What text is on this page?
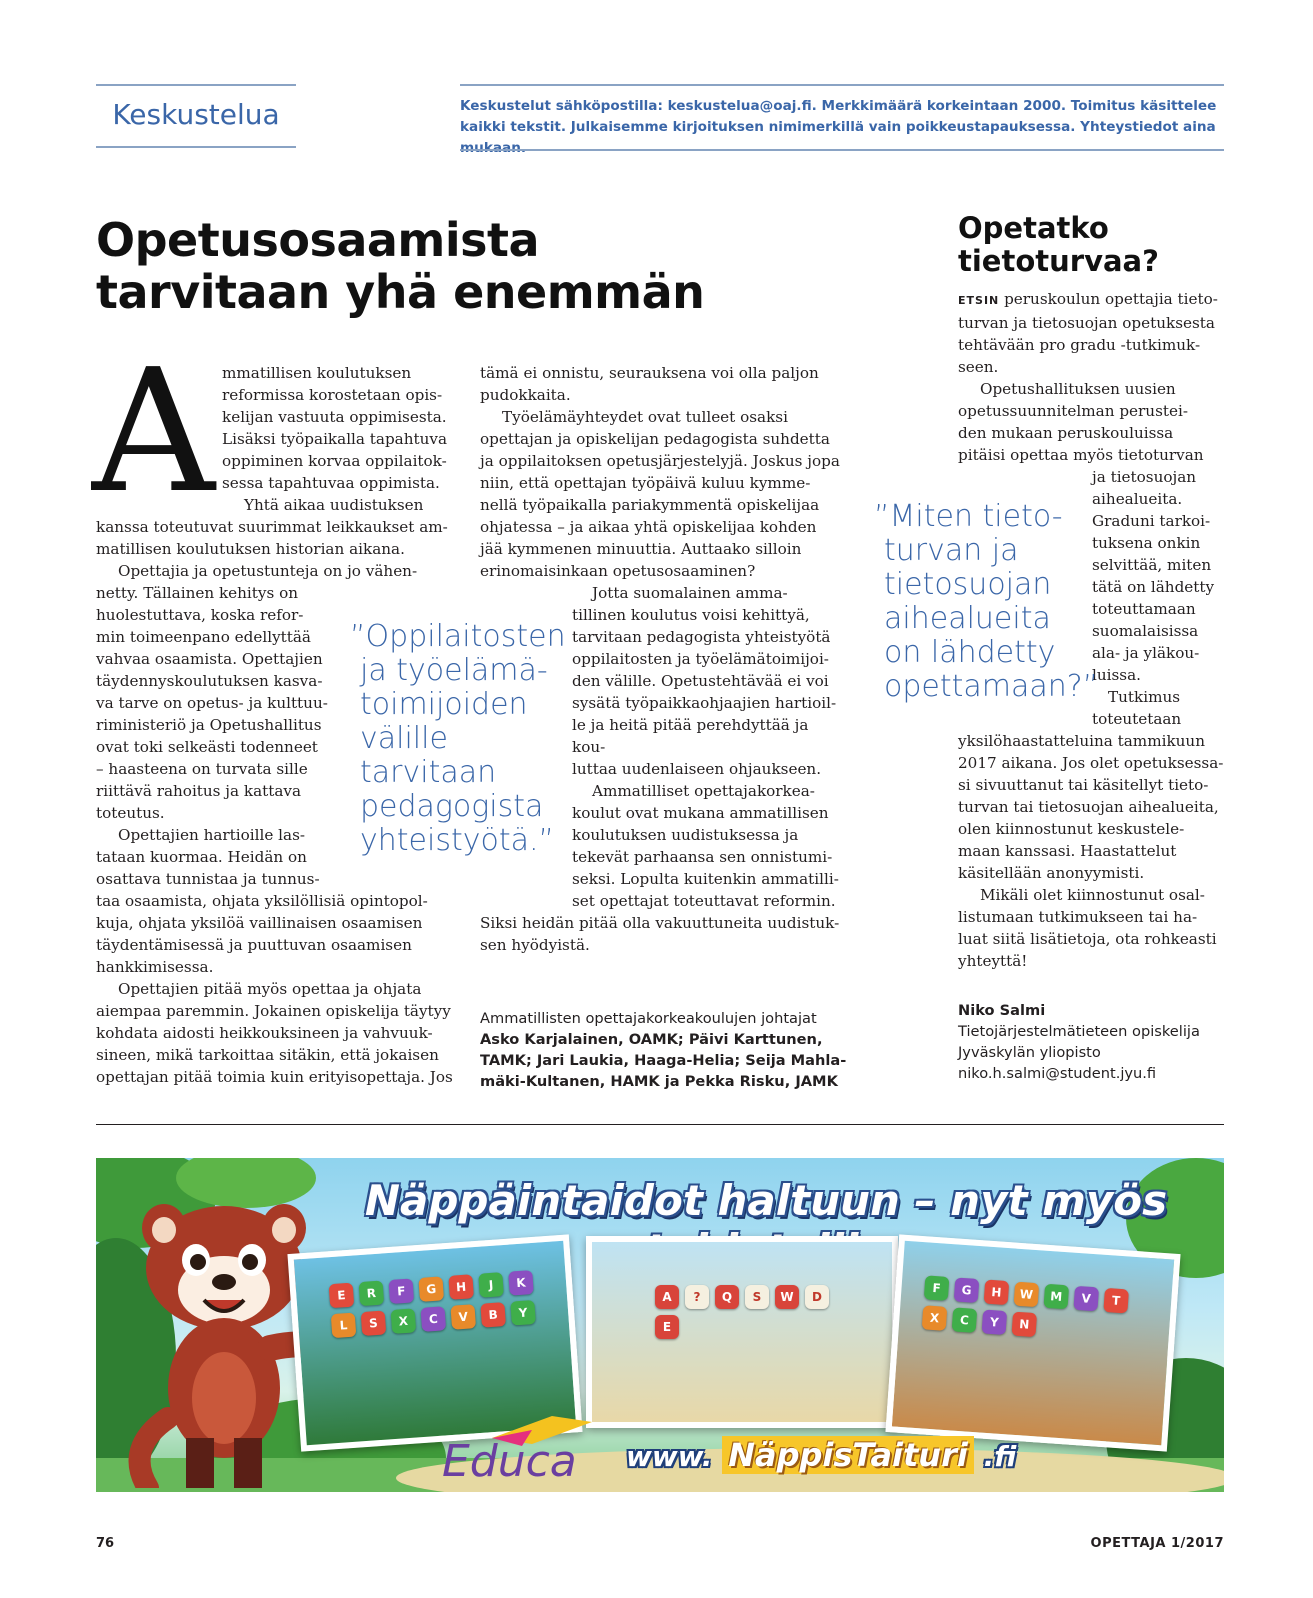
Keskustelua	Keskustelut sähköpostilla: keskustelua@oaj.fi. Merkkimäärä korkeintaan 2000. Toimitus käsittelee kaikki tekstit. Julkaisemme kirjoituksen nimimerkillä vain poikkeustapauksessa. Yhteystiedot aina mukaan.
Opetusosaamista
tarvitaan yhä enemmän
A mmatillisen koulutuksen
reformissa korostetaan opis-
kelijan vastuuta oppimisesta.
Lisäksi työpaikalla tapahtuva
oppiminen korvaa oppilaitok-
sessa tapahtuvaa oppimista.
Yhtä aikaa uudistuksen
kanssa toteutuvat suurimmat leikkaukset am-
matillisen koulutuksen historian aikana.
Opettajia ja opetustunteja on jo vähen-
netty. Tällainen kehitys on
huolestuttava, koska refor-
min toimeenpano edellyttää
vahvaa osaamista. Opettajien
täydennyskoulutuksen kasva-
va tarve on opetus- ja kulttuu-
riministeriö ja Opetushallitus
ovat toki selkeästi todenneet
– haasteena on turvata sille
riittävä rahoitus ja kattava
toteutus.
Opettajien hartioille las-
tataan kuormaa. Heidän on
osattava tunnistaa ja tunnus-
taa osaamista, ohjata yksilöllisiä opintopol-
kuja, ohjata yksilöä vaillinaisen osaamisen
täydentämisessä ja puuttuvan osaamisen
hankkimisessa.
Opettajien pitää myös opettaa ja ohjata
aiempaa paremmin. Jokainen opiskelija täytyy
kohdata aidosti heikkouksineen ja vahvuuk-
sineen, mikä tarkoittaa sitäkin, että jokaisen
opettajan pitää toimia kuin erityisopettaja. Jos
”Oppilaitosten
ja työelämä-
toimijoiden
välille
tarvitaan
pedagogista
yhteistyötä.”
tämä ei onnistu, seurauksena voi olla paljon
pudokkaita.
Työelämäyhteydet ovat tulleet osaksi
opettajan ja opiskelijan pedagogista suhdetta
ja oppilaitoksen opetusjärjestelyjä. Joskus jopa
niin, että opettajan työpäivä kuluu kymme-
nellä työpaikalla pariakymmentä opiskelijaa
ohjatessa – ja aikaa yhtä opiskelijaa kohden
jää kymmenen minuuttia. Auttaako silloin
erinomaisinkaan opetusosaaminen?
Jotta suomalainen amma-
tillinen koulutus voisi kehittyä,
tarvitaan pedagogista yhteistyötä
oppilaitosten ja työelämätoimijoi-
den välille. Opetustehtävää ei voi
sysätä työpaikkaohjaajien hartioil-
le ja heitä pitää perehdyttää ja kou-
luttaa uudenlaiseen ohjaukseen.
Ammatilliset opettajakorkea-
koulut ovat mukana ammatillisen
koulutuksen uudistuksessa ja
tekevät parhaansa sen onnistumi-
seksi. Lopulta kuitenkin ammatilli-
set opettajat toteuttavat reformin.
Siksi heidän pitää olla vakuuttuneita uudistuk-
sen hyödyistä.
Ammatillisten opettajakorkeakoulujen johtajat
Asko Karjalainen, OAMK; Päivi Karttunen,
TAMK; Jari Laukia, Haaga-Helia; Seija Mahla-
mäki-Kultanen, HAMK ja Pekka Risku, JAMK
Opetatko
tietoturvaa?
ETSIN peruskoulun opettajia tieto-
turvan ja tietosuojan opetuksesta
tehtävään pro gradu -tutkimuk-
seen.
Opetushallituksen uusien
opetussuunnitelman perustei-
den mukaan peruskouluissa
pitäisi opettaa myös tietoturvan
ja tietosuojan
aihealueita.
Graduni tarkoi-
tuksena onkin
selvittää, miten
tätä on lähdetty
toteuttamaan
suomalaisissa
ala- ja yläkou-
luissa.
Tutkimus
toteutetaan
yksilöhaastatteluina tammikuun
2017 aikana. Jos olet opetuksessa-
si sivuuttanut tai käsitellyt tieto-
turvan tai tietosuojan aihealueita,
olen kiinnostunut keskustele-
maan kanssasi. Haastattelut
käsitellään anonyymisti.
Mikäli olet kiinnostunut osal-
listumaan tutkimukseen tai ha-
luat siitä lisätietoja, ota rohkeasti
yhteyttä!
”Miten tieto-
turvan ja
tietosuojan
aihealueita
on lähdetty
opettamaan?”
Niko Salmi
Tietojärjestelmätieteen opiskelija
Jyväskylän yliopisto
niko.h.salmi@student.jyu.fi
Näppäintaidot haltuun – nyt myös
E R F G H J KL S X C V B Y
A ? Q S W DE
F G H W M V TX C Y N
Educa www. NäppisTaituri .fi
76	OPETTAJA 1/2017
